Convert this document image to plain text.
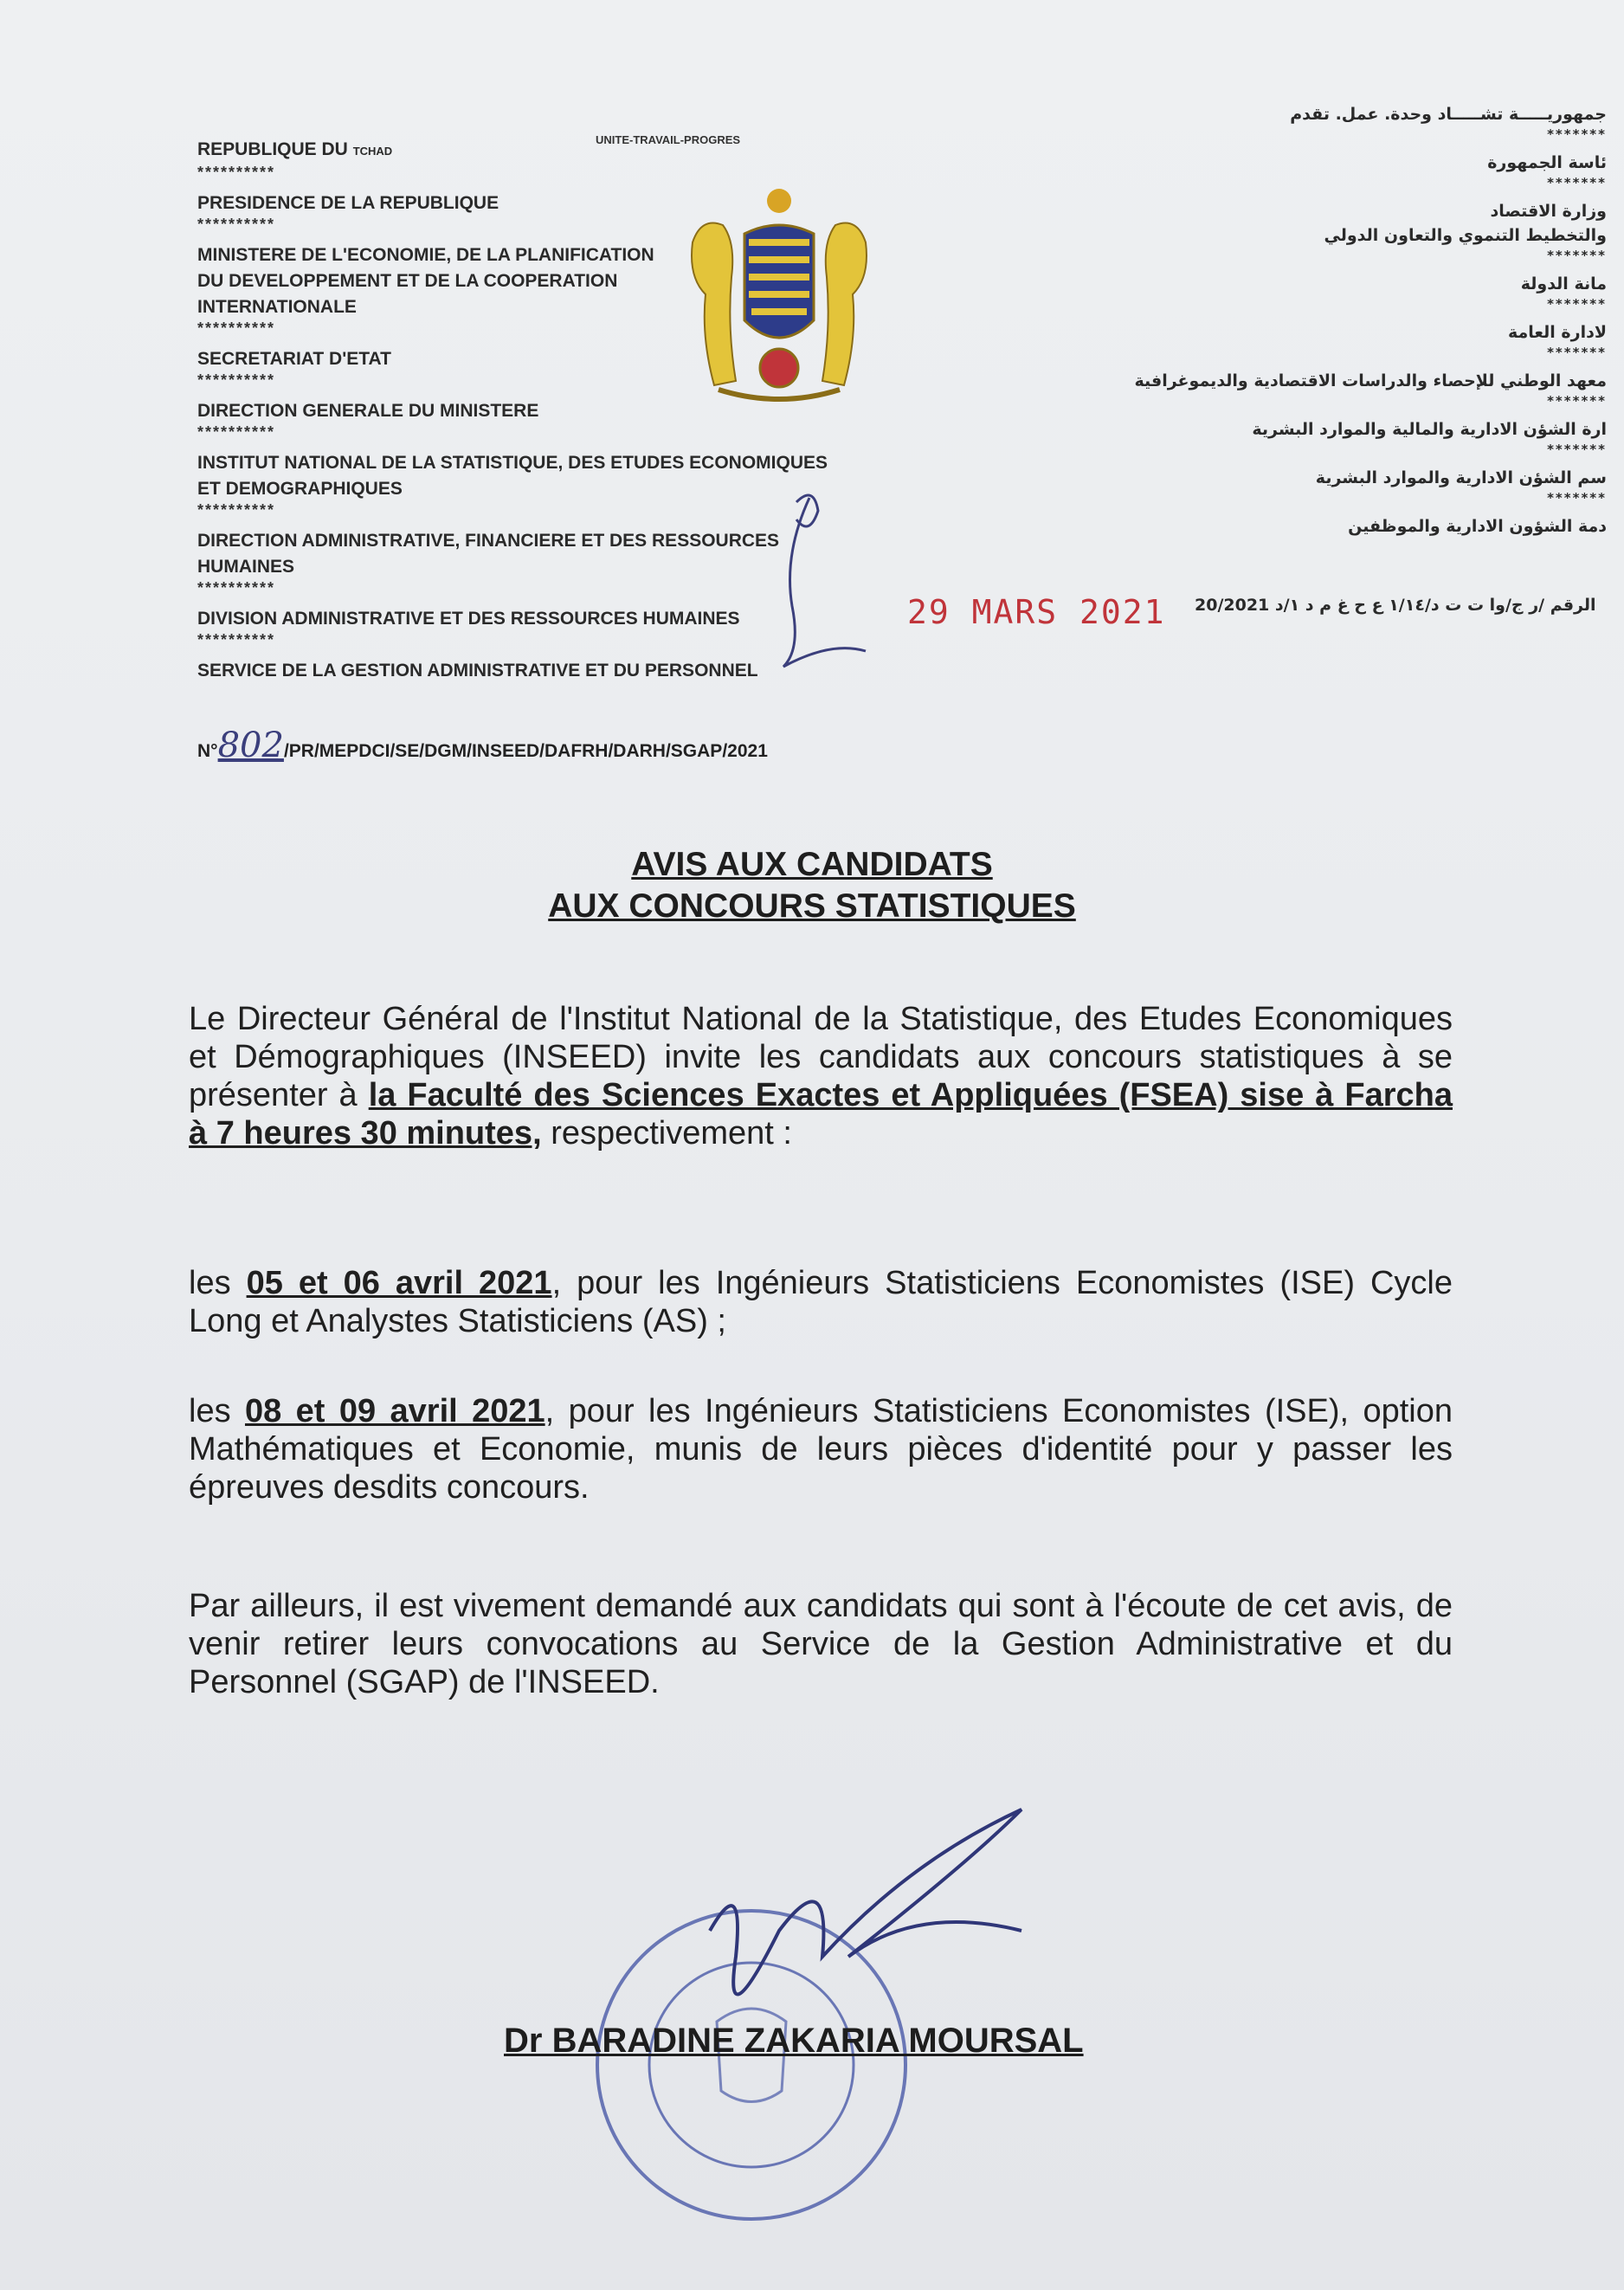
REPUBLIQUE DU TCHAD
**********
PRESIDENCE DE LA REPUBLIQUE
**********
MINISTERE DE L'ECONOMIE, DE LA PLANIFICATION
DU DEVELOPPEMENT ET DE LA COOPERATION
INTERNATIONALE
**********
SECRETARIAT D'ETAT
**********
DIRECTION GENERALE DU MINISTERE
**********
INSTITUT NATIONAL DE LA STATISTIQUE, DES ETUDES ECONOMIQUES
ET DEMOGRAPHIQUES
**********
DIRECTION ADMINISTRATIVE, FINANCIERE ET DES RESSOURCES
HUMAINES
**********
DIVISION ADMINISTRATIVE ET DES RESSOURCES HUMAINES
**********
SERVICE DE LA GESTION ADMINISTRATIVE ET DU PERSONNEL
UNITE-TRAVAIL-PROGRES
جمهوريـــــة تشـــــاد وحدة. عمل. تقدم
*******
ئاسة الجمهورة
*******
وزارة الاقتصاد
والتخطيط التنموي والتعاون الدولي
*******
مانة الدولة
*******
لادارة العامة
*******
معهد الوطني للإحصاء والدراسات الاقتصادية والديموغرافية
*******
ارة الشؤن الادارية والمالية والموارد البشرية
*******
سم الشؤن الادارية والموارد البشرية
*******
دمة الشؤون الادارية والموظفين
29 MARS 2021 الرقم /ر ج/وا ت ت د/١/١٤ ع ح غ م د ١/د 20/2021
N°802/PR/MEPDCI/SE/DGM/INSEED/DAFRH/DARH/SGAP/2021
AVIS AUX CANDIDATS
AUX CONCOURS STATISTIQUES
Le Directeur Général de l'Institut National de la Statistique, des Etudes Economiques et Démographiques (INSEED) invite les candidats aux concours statistiques à se présenter à la Faculté des Sciences Exactes et Appliquées (FSEA) sise à Farcha à 7 heures 30 minutes, respectivement :
les 05 et 06 avril 2021, pour les Ingénieurs Statisticiens Economistes (ISE) Cycle Long et Analystes Statisticiens (AS) ;
les 08 et 09 avril 2021, pour les Ingénieurs Statisticiens Economistes (ISE), option Mathématiques et Economie, munis de leurs pièces d'identité pour y passer les épreuves desdits concours.
Par ailleurs, il est vivement demandé aux candidats qui sont à l'écoute de cet avis, de venir retirer leurs convocations au Service de la Gestion Administrative et du Personnel (SGAP) de l'INSEED.
Dr BARADINE ZAKARIA MOURSAL
